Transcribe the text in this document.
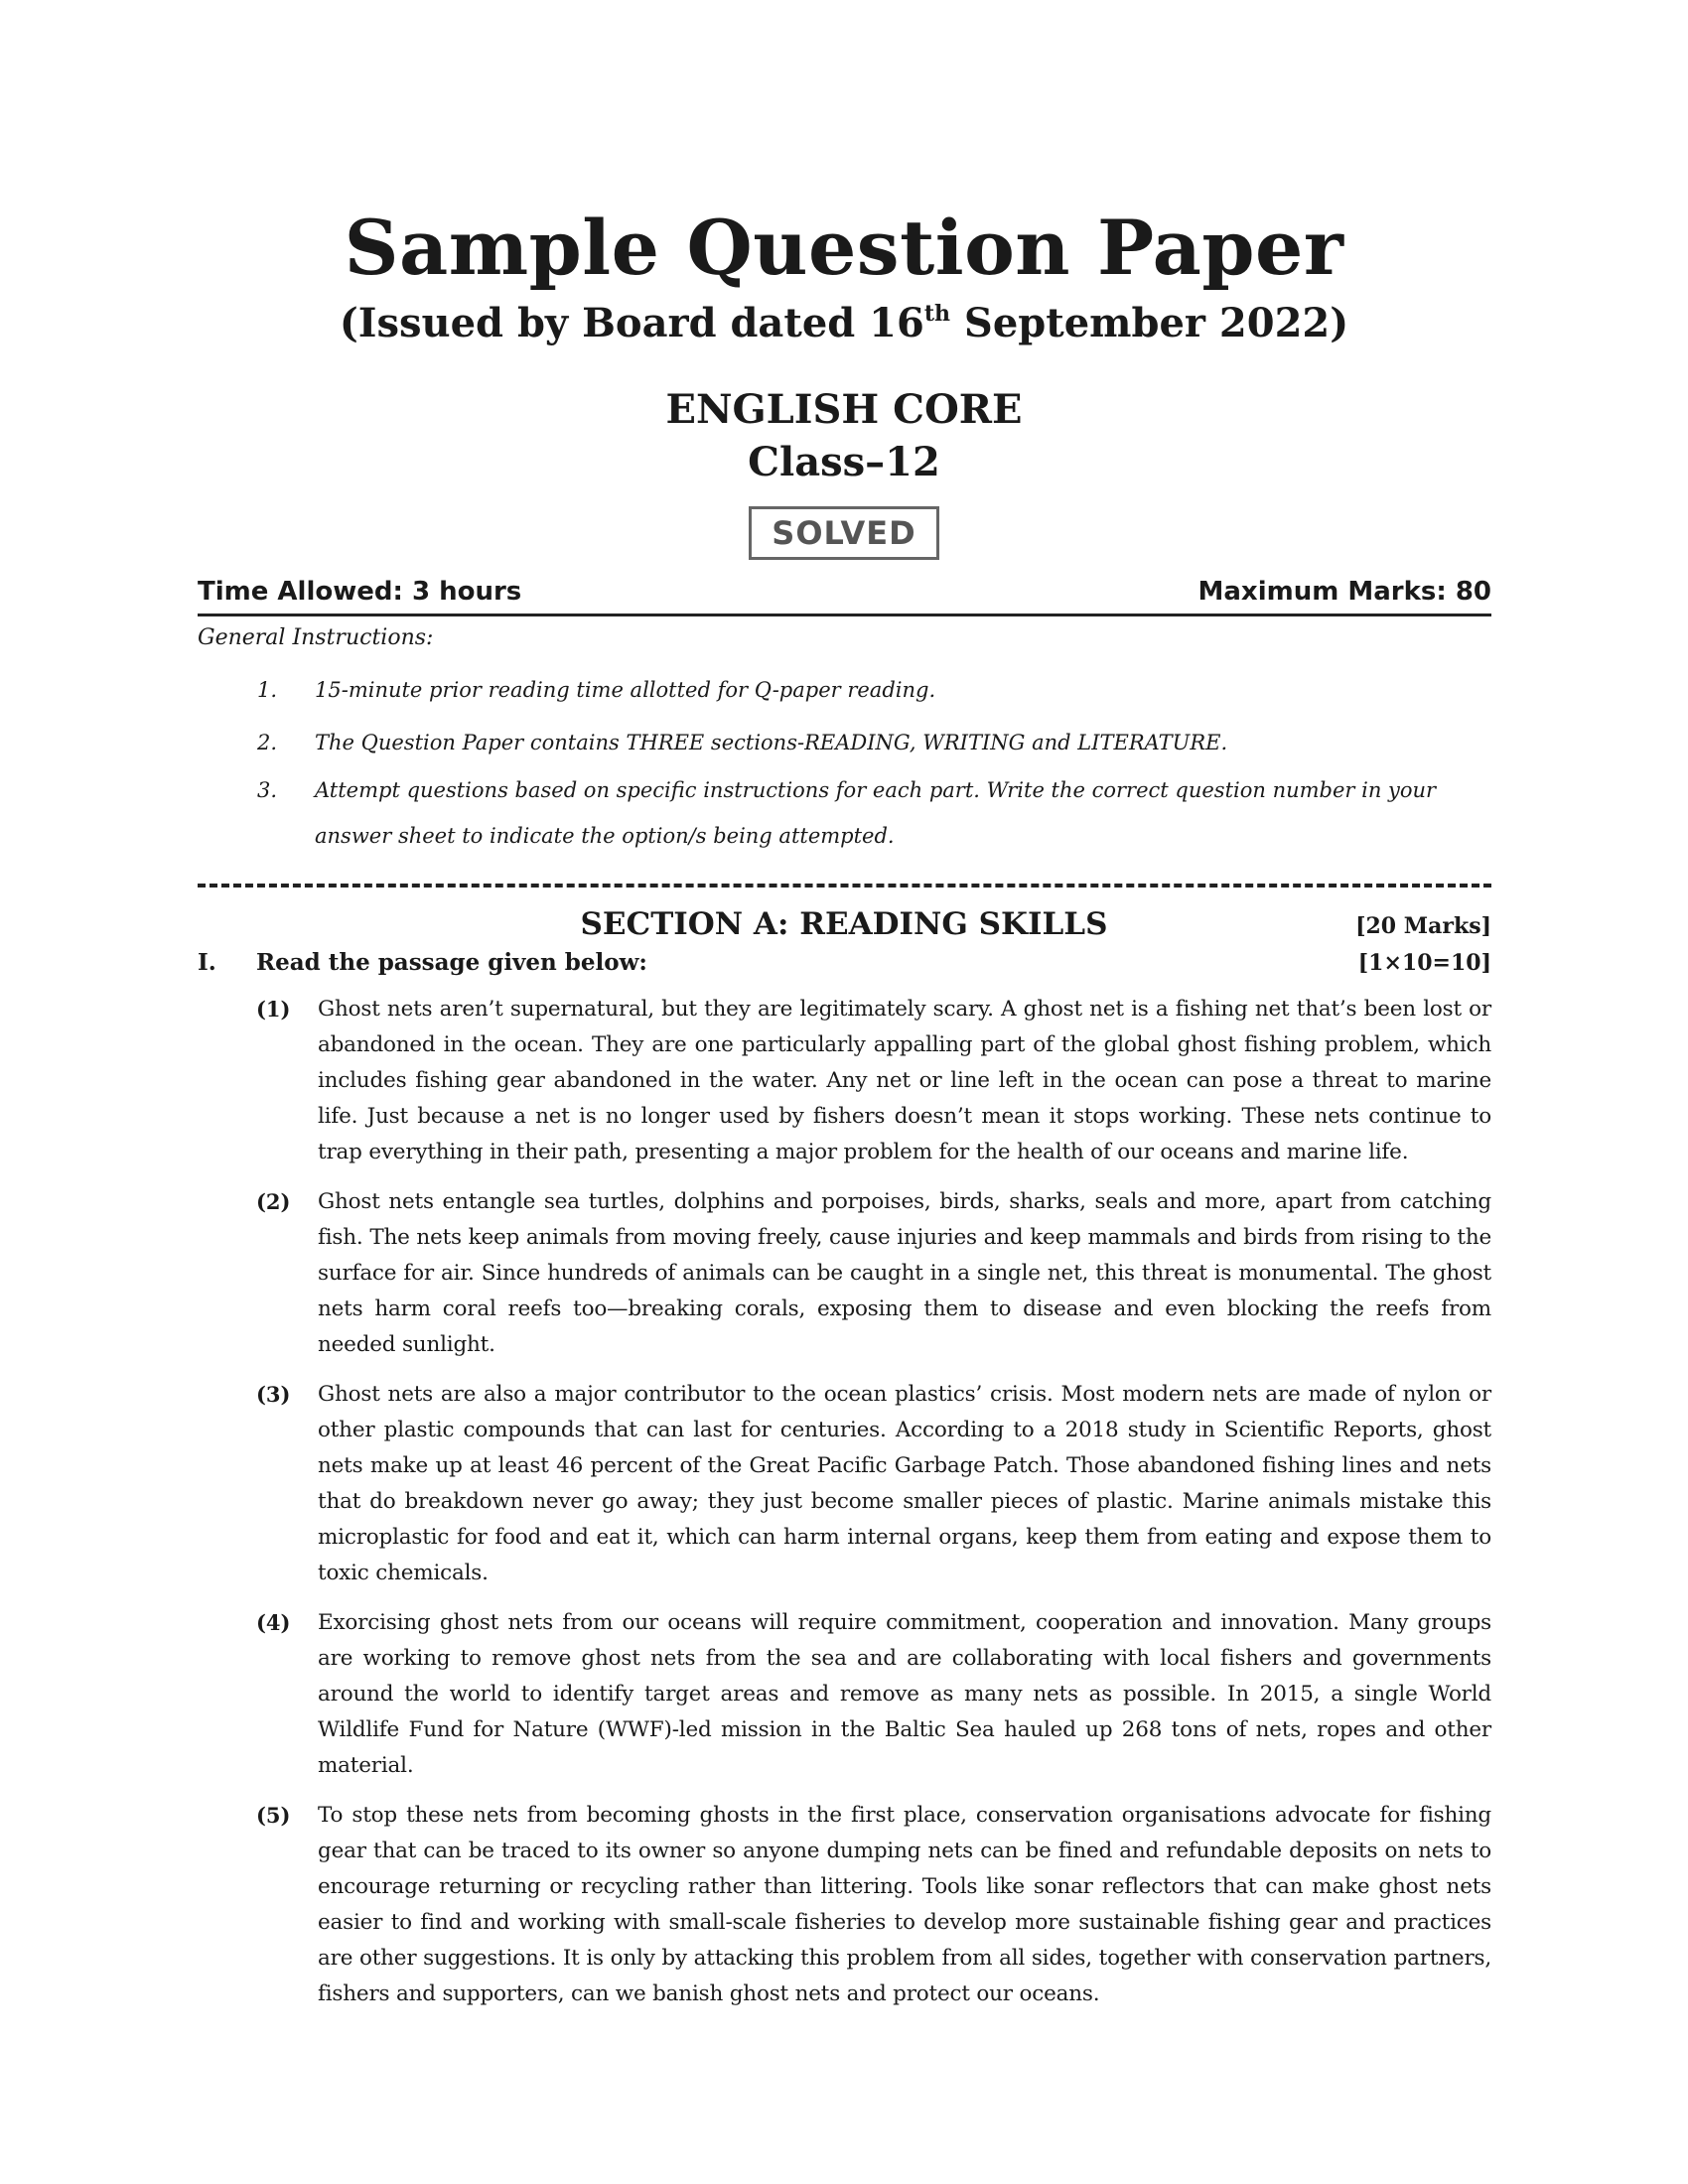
Sample Question Paper
(Issued by Board dated 16th September 2022)
ENGLISH CORE
Class–12
SOLVED
Time Allowed: 3 hours	Maximum Marks: 80
General Instructions:
1. 15-minute prior reading time allotted for Q-paper reading.
2. The Question Paper contains THREE sections-READING, WRITING and LITERATURE.
3. Attempt questions based on specific instructions for each part. Write the correct question number in your answer sheet to indicate the option/s being attempted.
SECTION A: READING SKILLS	[20 Marks]
I. Read the passage given below:	[1×10=10]
(1) Ghost nets aren’t supernatural, but they are legitimately scary. A ghost net is a fishing net that’s been lost or abandoned in the ocean. They are one particularly appalling part of the global ghost fishing problem, which includes fishing gear abandoned in the water. Any net or line left in the ocean can pose a threat to marine life. Just because a net is no longer used by fishers doesn’t mean it stops working. These nets continue to trap everything in their path, presenting a major problem for the health of our oceans and marine life.
(2) Ghost nets entangle sea turtles, dolphins and porpoises, birds, sharks, seals and more, apart from catching fish. The nets keep animals from moving freely, cause injuries and keep mammals and birds from rising to the surface for air. Since hundreds of animals can be caught in a single net, this threat is monumental. The ghost nets harm coral reefs too—breaking corals, exposing them to disease and even blocking the reefs from needed sunlight.
(3) Ghost nets are also a major contributor to the ocean plastics’ crisis. Most modern nets are made of nylon or other plastic compounds that can last for centuries. According to a 2018 study in Scientific Reports, ghost nets make up at least 46 percent of the Great Pacific Garbage Patch. Those abandoned fishing lines and nets that do breakdown never go away; they just become smaller pieces of plastic. Marine animals mistake this microplastic for food and eat it, which can harm internal organs, keep them from eating and expose them to toxic chemicals.
(4) Exorcising ghost nets from our oceans will require commitment, cooperation and innovation. Many groups are working to remove ghost nets from the sea and are collaborating with local fishers and governments around the world to identify target areas and remove as many nets as possible. In 2015, a single World Wildlife Fund for Nature (WWF)-led mission in the Baltic Sea hauled up 268 tons of nets, ropes and other material.
(5) To stop these nets from becoming ghosts in the first place, conservation organisations advocate for fishing gear that can be traced to its owner so anyone dumping nets can be fined and refundable deposits on nets to encourage returning or recycling rather than littering. Tools like sonar reflectors that can make ghost nets easier to find and working with small-scale fisheries to develop more sustainable fishing gear and practices are other suggestions. It is only by attacking this problem from all sides, together with conservation partners, fishers and supporters, can we banish ghost nets and protect our oceans.
